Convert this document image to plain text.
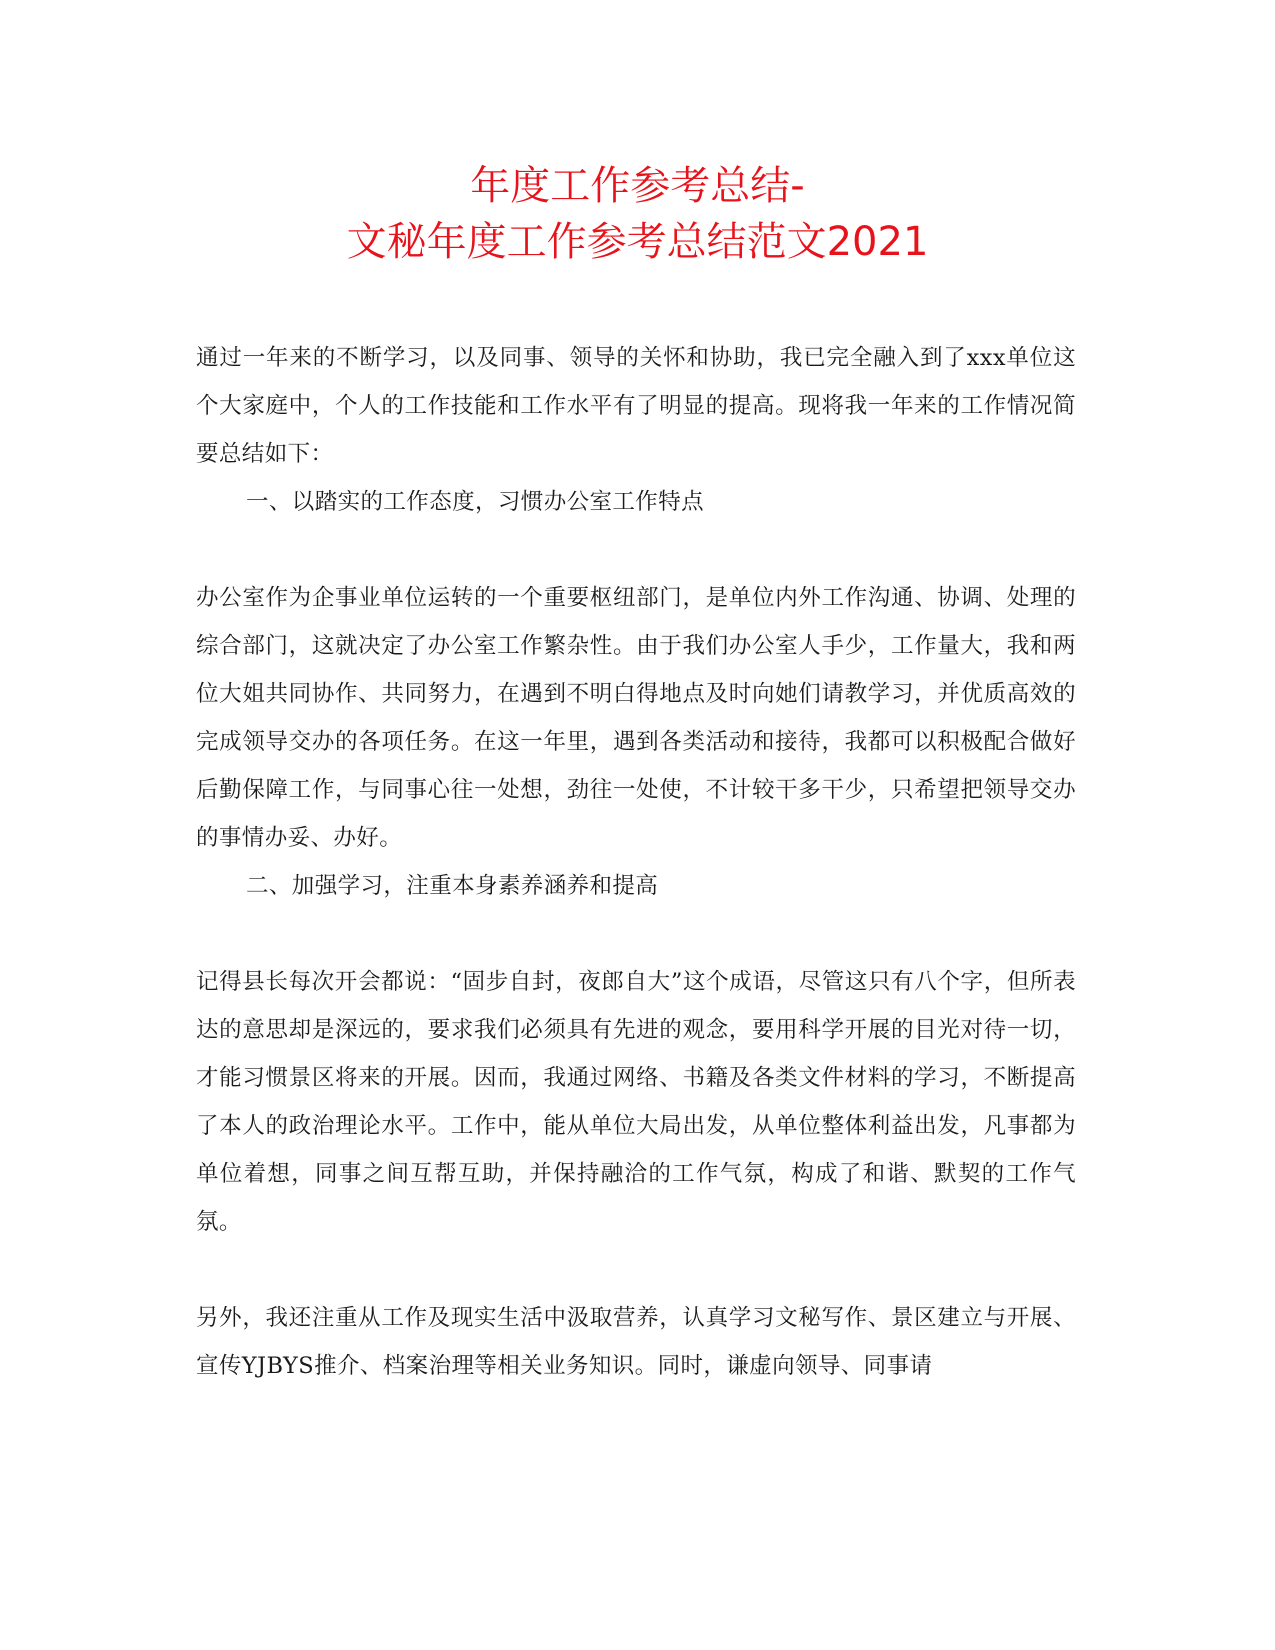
年度工作参考总结-
文秘年度工作参考总结范文2021

通过一年来的不断学习，以及同事、领导的关怀和协助，我已完全融入到了xxx单位这个大家庭中，个人的工作技能和工作水平有了明显的提高。现将我一年来的工作情况简要总结如下：

一、以踏实的工作态度，习惯办公室工作特点

办公室作为企事业单位运转的一个重要枢纽部门，是单位内外工作沟通、协调、处理的综合部门，这就决定了办公室工作繁杂性。由于我们办公室人手少，工作量大，我和两位大姐共同协作、共同努力，在遇到不明白得地点及时向她们请教学习，并优质高效的完成领导交办的各项任务。在这一年里，遇到各类活动和接待，我都可以积极配合做好后勤保障工作，与同事心往一处想，劲往一处使，不计较干多干少，只希望把领导交办的事情办妥、办好。

二、加强学习，注重本身素养涵养和提高

记得县长每次开会都说：“固步自封，夜郎自大”这个成语，尽管这只有八个字，但所表达的意思却是深远的，要求我们必须具有先进的观念，要用科学开展的目光对待一切，才能习惯景区将来的开展。因而，我通过网络、书籍及各类文件材料的学习，不断提高了本人的政治理论水平。工作中，能从单位大局出发，从单位整体利益出发，凡事都为单位着想，同事之间互帮互助，并保持融洽的工作气氛，构成了和谐、默契的工作气氛。

另外，我还注重从工作及现实生活中汲取营养，认真学习文秘写作、景区建立与开展、宣传YJBYS推介、档案治理等相关业务知识。同时，谦虚向领导、同事请
